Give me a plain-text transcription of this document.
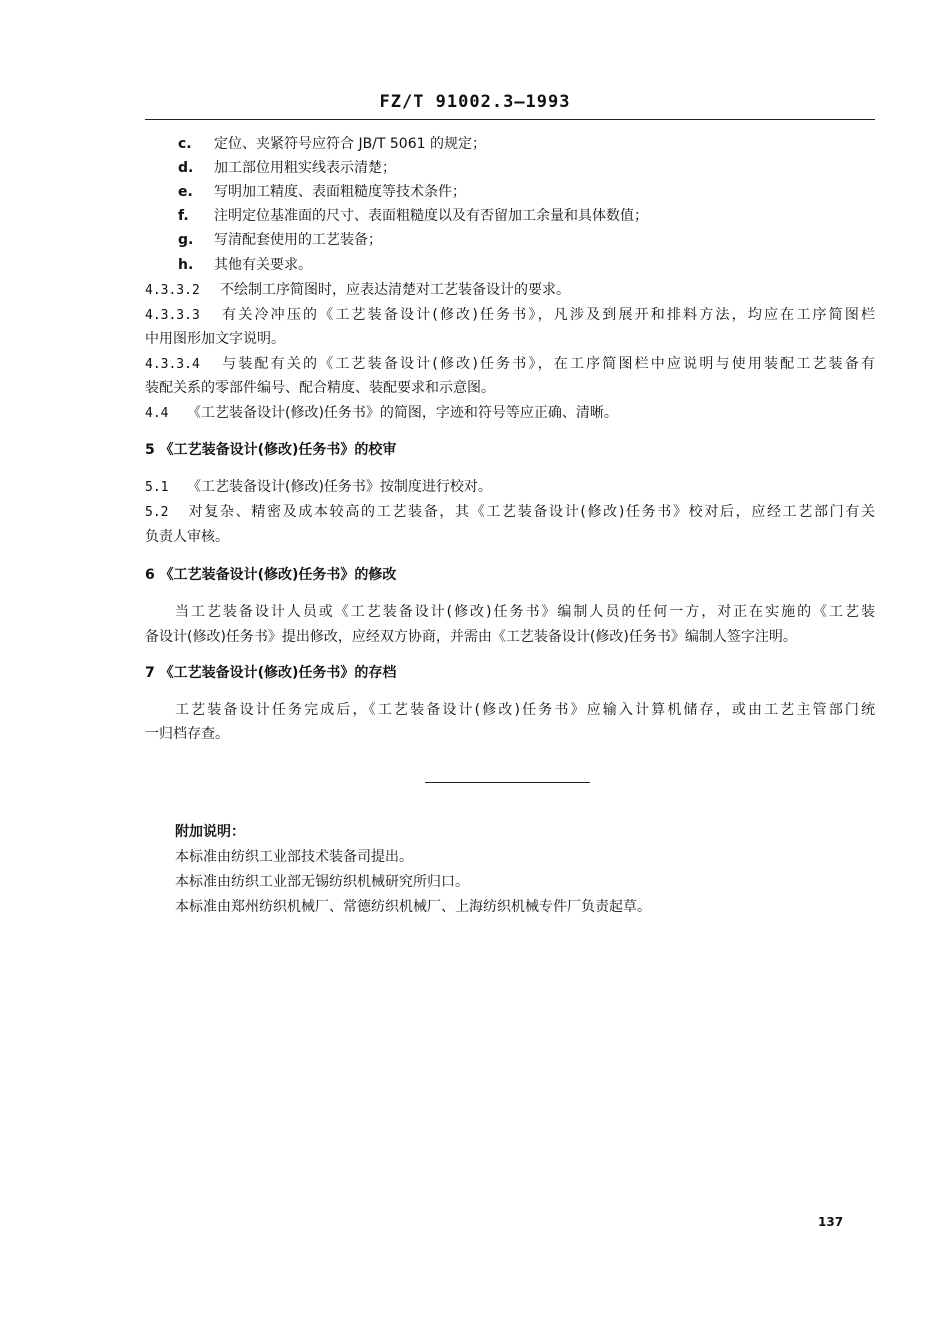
FZ/T 91002.3—1993
c. 定位、夹紧符号应符合 JB/T 5061 的规定；
d. 加工部位用粗实线表示清楚；
e. 写明加工精度、表面粗糙度等技术条件；
f. 注明定位基准面的尺寸、表面粗糙度以及有否留加工余量和具体数值；
g. 写清配套使用的工艺装备；
h. 其他有关要求。
4.3.3.2 不绘制工序简图时，应表达清楚对工艺装备设计的要求。
4.3.3.3 有关冷冲压的《工艺装备设计(修改)任务书》，凡涉及到展开和排料方法，均应在工序简图栏
中用图形加文字说明。
4.3.3.4 与装配有关的《工艺装备设计(修改)任务书》，在工序简图栏中应说明与使用装配工艺装备有
装配关系的零部件编号、配合精度、装配要求和示意图。
4.4 《工艺装备设计(修改)任务书》的简图，字迹和符号等应正确、清晰。
5 《工艺装备设计(修改)任务书》的校审
5.1 《工艺装备设计(修改)任务书》按制度进行校对。
5.2 对复杂、精密及成本较高的工艺装备，其《工艺装备设计(修改)任务书》校对后，应经工艺部门有关
负责人审核。
6 《工艺装备设计(修改)任务书》的修改
当工艺装备设计人员或《工艺装备设计(修改)任务书》编制人员的任何一方，对正在实施的《工艺装
备设计(修改)任务书》提出修改，应经双方协商，并需由《工艺装备设计(修改)任务书》编制人签字注明。
7 《工艺装备设计(修改)任务书》的存档
工艺装备设计任务完成后，《工艺装备设计(修改)任务书》应输入计算机储存，或由工艺主管部门统
一归档存查。
附加说明：
本标准由纺织工业部技术装备司提出。
本标准由纺织工业部无锡纺织机械研究所归口。
本标准由郑州纺织机械厂、常德纺织机械厂、上海纺织机械专件厂负责起草。
137
